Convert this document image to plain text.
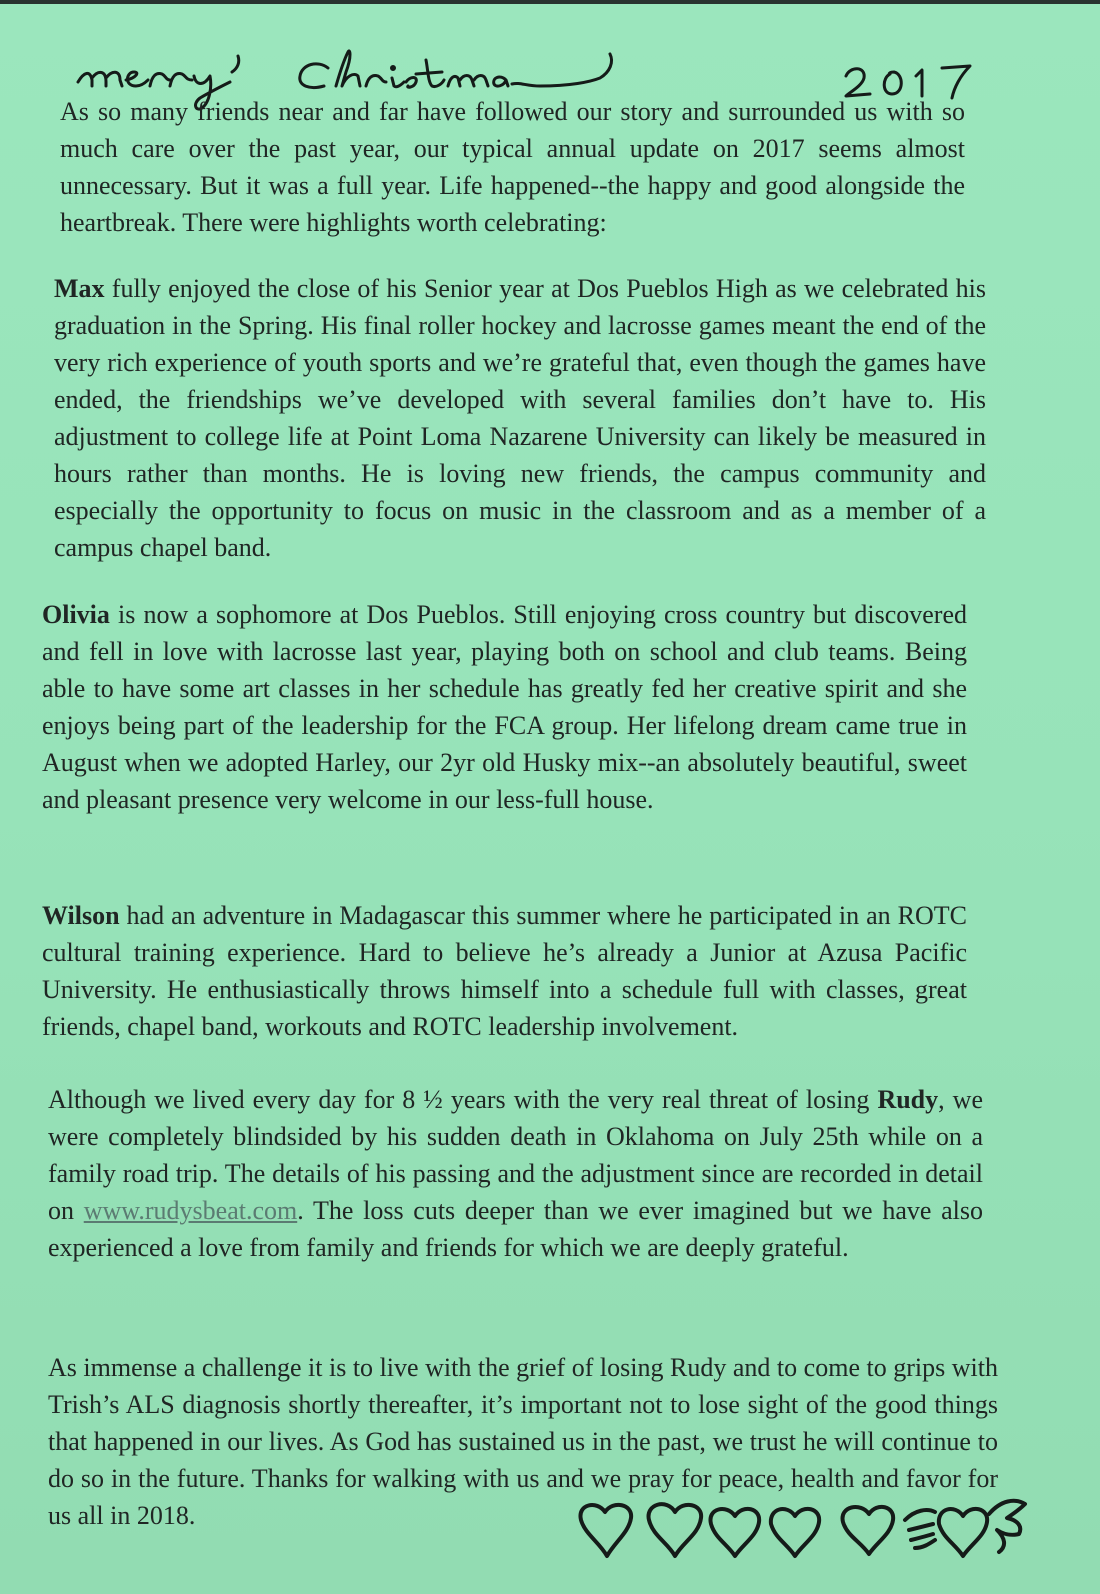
As so many friends near and far have followed our story and surrounded us with so much care over the past year, our typical annual update on 2017 seems almost unnecessary. But it was a full year. Life happened--the happy and good alongside the heartbreak. There were highlights worth celebrating:

Max fully enjoyed the close of his Senior year at Dos Pueblos High as we celebrated his graduation in the Spring. His final roller hockey and lacrosse games meant the end of the very rich experience of youth sports and we’re grateful that, even though the games have ended, the friendships we’ve developed with several families don’t have to. His adjustment to college life at Point Loma Nazarene University can likely be measured in hours rather than months. He is loving new friends, the campus community and especially the opportunity to focus on music in the classroom and as a member of a campus chapel band.

Olivia is now a sophomore at Dos Pueblos. Still enjoying cross country but discovered and fell in love with lacrosse last year, playing both on school and club teams. Being able to have some art classes in her schedule has greatly fed her creative spirit and she enjoys being part of the leadership for the FCA group. Her lifelong dream came true in August when we adopted Harley, our 2yr old Husky mix--an absolutely beautiful, sweet and pleasant presence very welcome in our less-full house.

Wilson had an adventure in Madagascar this summer where he participated in an ROTC cultural training experience. Hard to believe he’s already a Junior at Azusa Pacific University. He enthusiastically throws himself into a schedule full with classes, great friends, chapel band, workouts and ROTC leadership involvement.

Although we lived every day for 8 ½ years with the very real threat of losing Rudy, we were completely blindsided by his sudden death in Oklahoma on July 25th while on a family road trip. The details of his passing and the adjustment since are recorded in detail on www.rudysbeat.com. The loss cuts deeper than we ever imagined but we have also experienced a love from family and friends for which we are deeply grateful.

As immense a challenge it is to live with the grief of losing Rudy and to come to grips with Trish’s ALS diagnosis shortly thereafter, it’s important not to lose sight of the good things that happened in our lives. As God has sustained us in the past, we trust he will continue to do so in the future. Thanks for walking with us and we pray for peace, health and favor for us all in 2018.
